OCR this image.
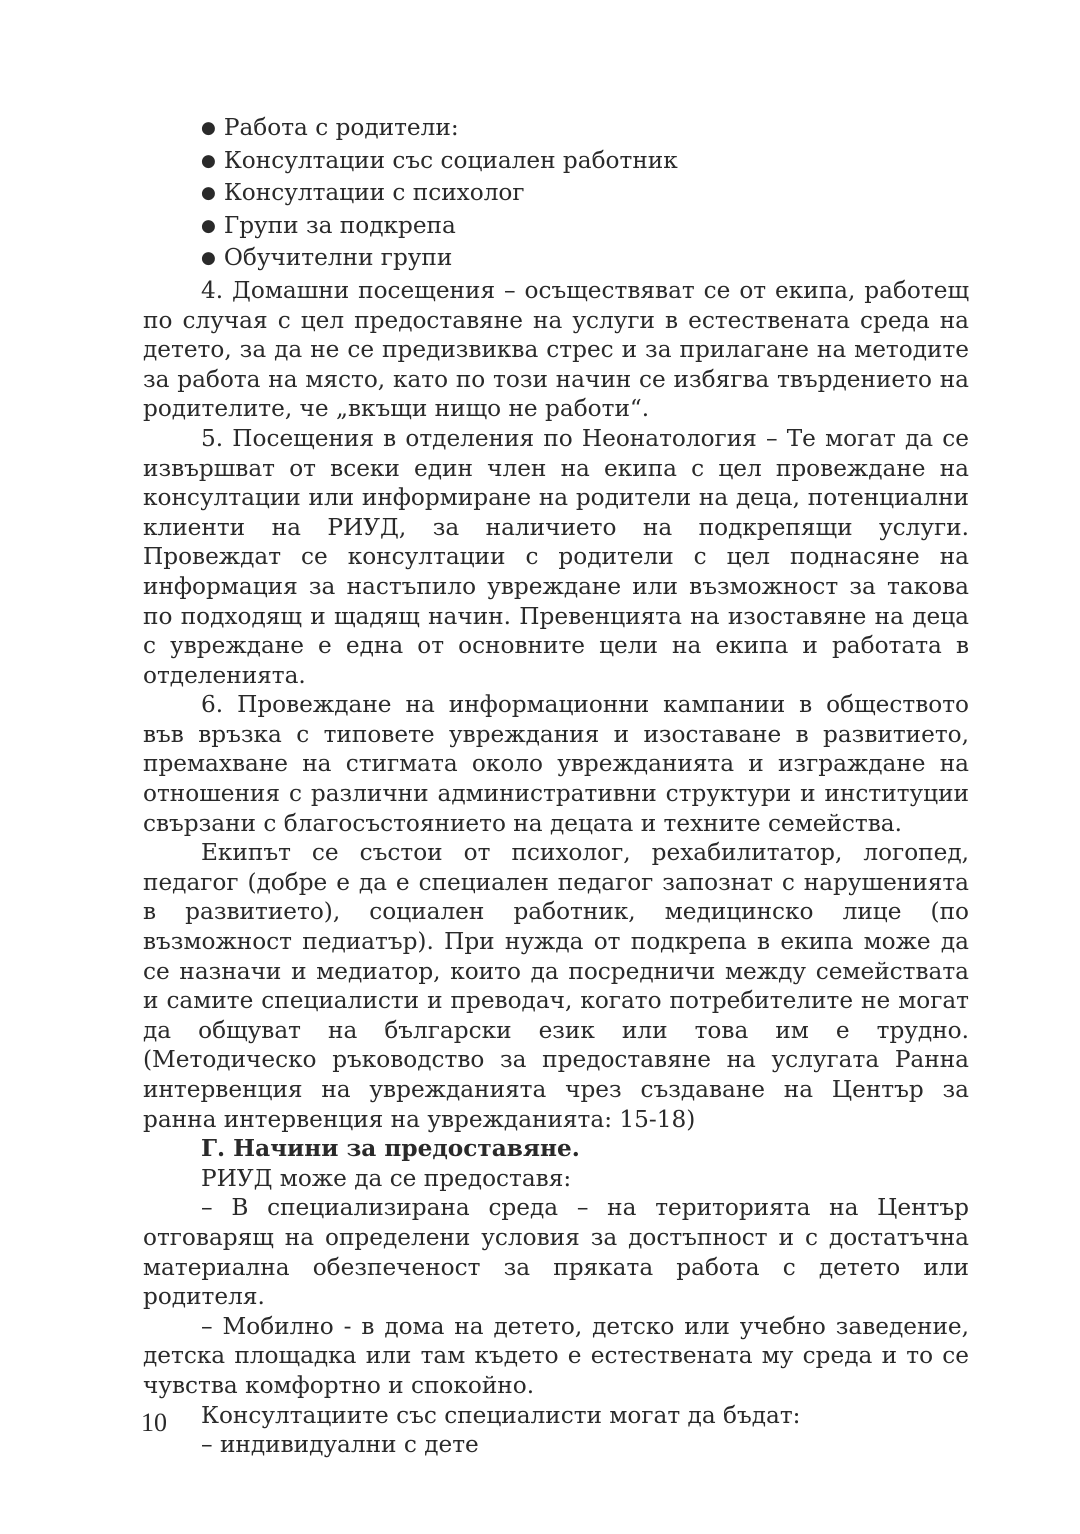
● Работа с родители:
● Консултации със социален работник
● Консултации с психолог
● Групи за подкрепа
● Обучителни групи

4. Домашни посещения – осъществяват се от екипа, работещ по случая с цел предоставяне на услуги в естествената среда на детето, за да не се предизвиква стрес и за прилагане на методите за работа на място, като по този начин се избягва твърдението на родителите, че „вкъщи нищо не работи“.

5. Посещения в отделения по Неонатология – Те могат да се извършват от всеки един член на екипа с цел провеждане на консултации или информиране на родители на деца, потенциални клиенти на РИУД, за наличието на подкрепящи услуги. Провеждат се консултации с родители с цел поднасяне на информация за настъпило увреждане или възможност за такова по подходящ и щадящ начин. Превенцията на изоставяне на деца с увреждане е една от основните цели на екипа и работата в отделенията.

6. Провеждане на информационни кампании в обществото във връзка с типовете увреждания и изоставане в развитието, премахване на стигмата около уврежданията и изграждане на отношения с различни административни структури и институции свързани с благосъстоянието на децата и техните семейства.

Екипът се състои от психолог, рехабилитатор, логопед, педагог (добре е да е специален педагог запознат с нарушенията в развитието), социален работник, медицинско лице (по възможност педиатър). При нужда от подкрепа в екипа може да се назначи и медиатор, които да посредничи между семействата и самите специалисти и преводач, когато потребителите не могат да общуват на български език или това им е трудно. (Методическо ръководство за предоставяне на услугата Ранна интервенция на уврежданията чрез създаване на Център за ранна интервенция на уврежданията: 15-18)

Г. Начини за предоставяне.

РИУД може да се предоставя:

– В специализирана среда – на територията на Център отговарящ на определени условия за достъпност и с достатъчна материална обезпеченост за пряката работа с детето или родителя.

– Мобилно - в дома на детето, детско или учебно заведение, детска площадка или там където е естествената му среда и то се чувства комфортно и спокойно.

Консултациите със специалисти могат да бъдат:

– индивидуални с дете

10
